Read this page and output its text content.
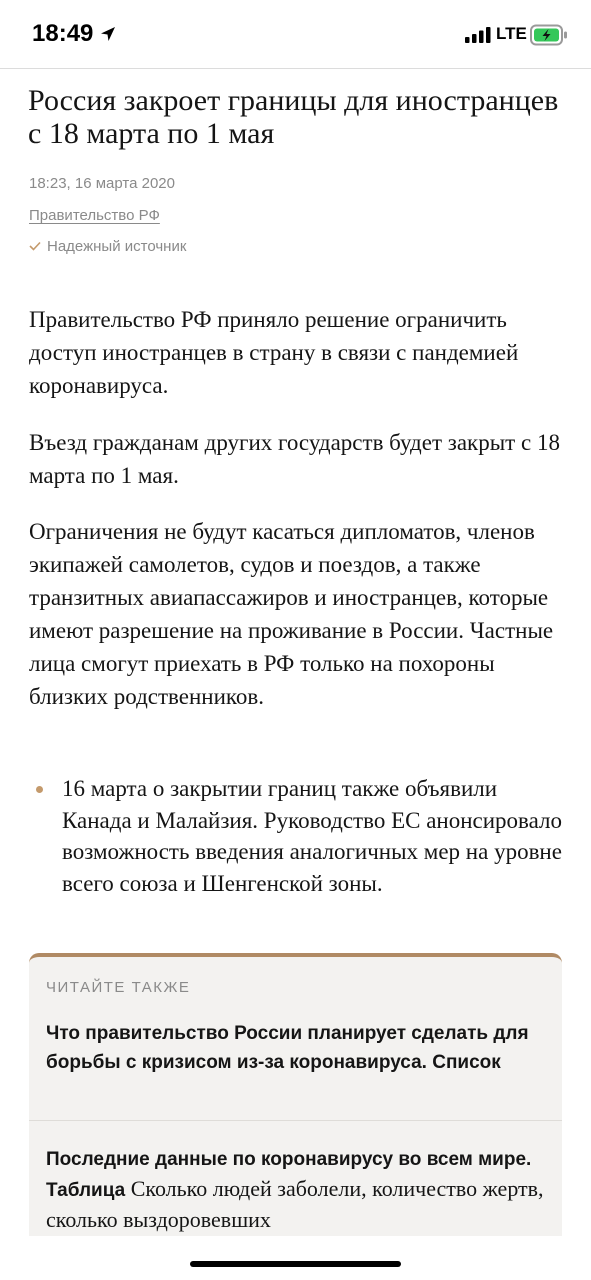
18:49	LTE
Россия закроет границы для иностранцев с 18 марта по 1 мая
18:23, 16 марта 2020
Правительство РФ
Надежный источник

Правительство РФ приняло решение ограничить доступ иностранцев в страну в связи с пандемией коронавируса.

Въезд гражданам других государств будет закрыт с 18 марта по 1 мая.

Ограничения не будут касаться дипломатов, членов экипажей самолетов, судов и поездов, а также транзитных авиапассажиров и иностранцев, которые имеют разрешение на проживание в России. Частные лица смогут приехать в РФ только на похороны близких родственников.

16 марта о закрытии границ также объявили Канада и Малайзия. Руководство ЕС анонсировало возможность введения аналогичных мер на уровне всего союза и Шенгенской зоны.

ЧИТАЙТЕ ТАКЖЕ

Что правительство России планирует сделать для борьбы с кризисом из-за коронавируса. Список

Последние данные по коронавирусу во всем мире. Таблица Сколько людей заболели, количество жертв, сколько выздоровевших
